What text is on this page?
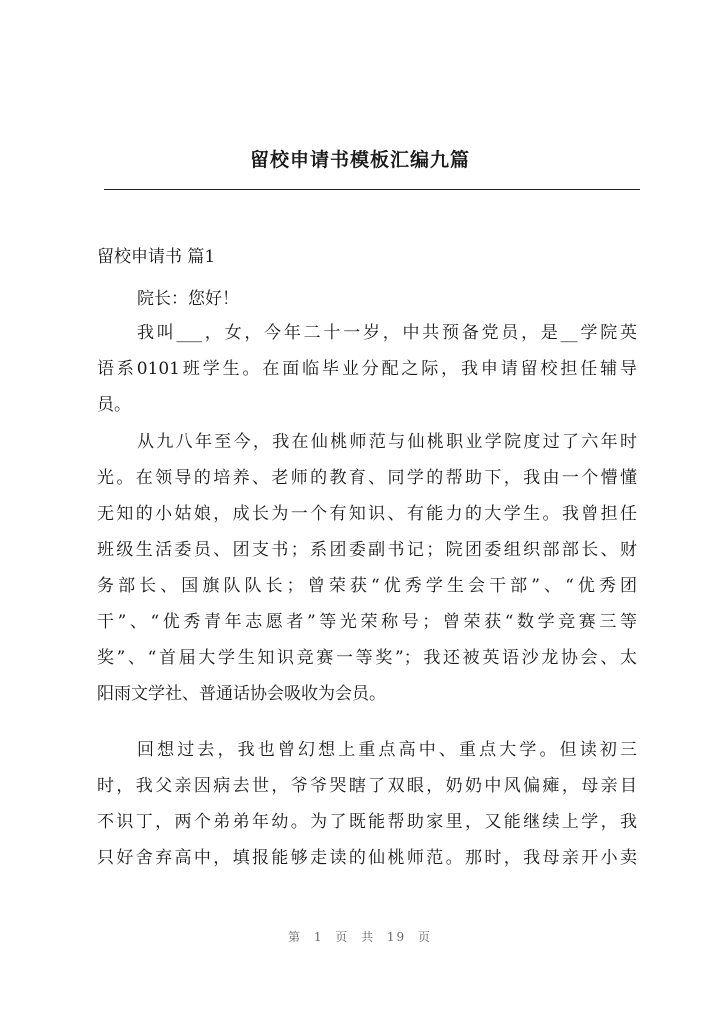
留校申请书模板汇编九篇
留校申请书 篇1
院长：您好！
我叫___，女，今年二十一岁，中共预备党员，是__学院英
语系0101班学生。在面临毕业分配之际，我申请留校担任辅导
员。
从九八年至今，我在仙桃师范与仙桃职业学院度过了六年时
光。在领导的培养、老师的教育、同学的帮助下，我由一个懵懂
无知的小姑娘，成长为一个有知识、有能力的大学生。我曾担任
班级生活委员、团支书；系团委副书记；院团委组织部部长、财
务部长、国旗队队长；曾荣获“优秀学生会干部”、“优秀团
干”、“优秀青年志愿者”等光荣称号；曾荣获“数学竞赛三等
奖”、“首届大学生知识竞赛一等奖”；我还被英语沙龙协会、太
阳雨文学社、普通话协会吸收为会员。
回想过去，我也曾幻想上重点高中、重点大学。但读初三
时，我父亲因病去世，爷爷哭瞎了双眼，奶奶中风偏瘫，母亲目
不识丁，两个弟弟年幼。为了既能帮助家里，又能继续上学，我
只好舍弃高中，填报能够走读的仙桃师范。那时，我母亲开小卖
第 1 页 共 19 页
